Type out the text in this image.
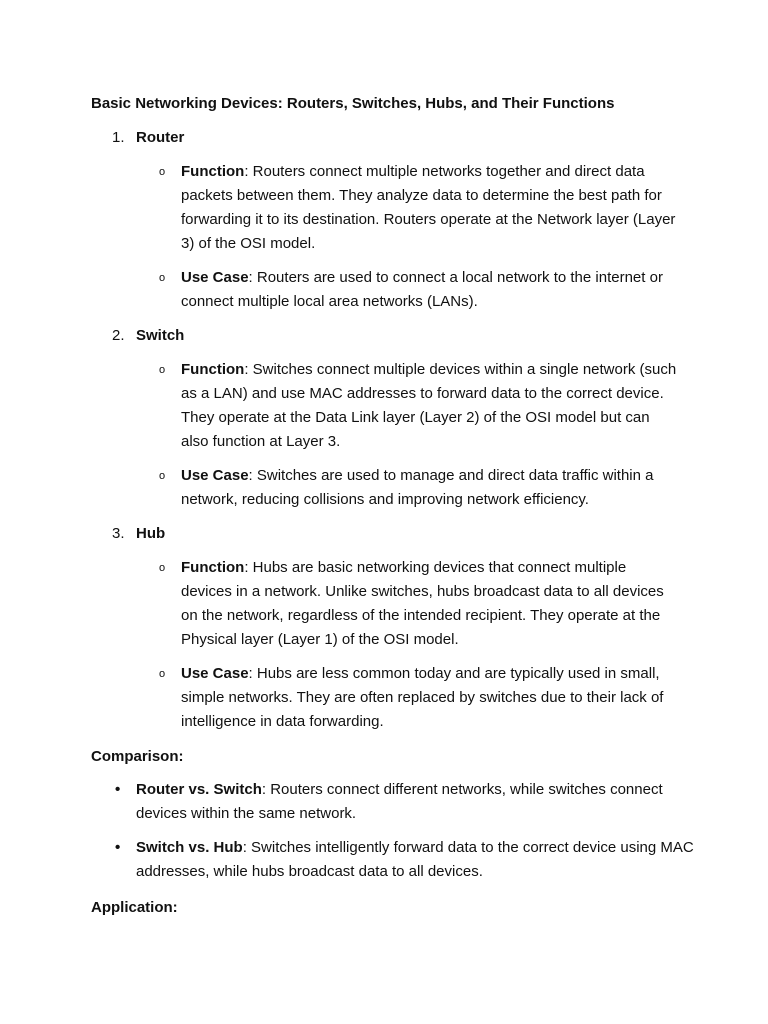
Basic Networking Devices: Routers, Switches, Hubs, and Their Functions
1. Router
o Function: Routers connect multiple networks together and direct data packets between them. They analyze data to determine the best path for forwarding it to its destination. Routers operate at the Network layer (Layer 3) of the OSI model.
o Use Case: Routers are used to connect a local network to the internet or connect multiple local area networks (LANs).
2. Switch
o Function: Switches connect multiple devices within a single network (such as a LAN) and use MAC addresses to forward data to the correct device. They operate at the Data Link layer (Layer 2) of the OSI model but can also function at Layer 3.
o Use Case: Switches are used to manage and direct data traffic within a network, reducing collisions and improving network efficiency.
3. Hub
o Function: Hubs are basic networking devices that connect multiple devices in a network. Unlike switches, hubs broadcast data to all devices on the network, regardless of the intended recipient. They operate at the Physical layer (Layer 1) of the OSI model.
o Use Case: Hubs are less common today and are typically used in small, simple networks. They are often replaced by switches due to their lack of intelligence in data forwarding.
Comparison:
• Router vs. Switch: Routers connect different networks, while switches connect devices within the same network.
• Switch vs. Hub: Switches intelligently forward data to the correct device using MAC addresses, while hubs broadcast data to all devices.
Application:
